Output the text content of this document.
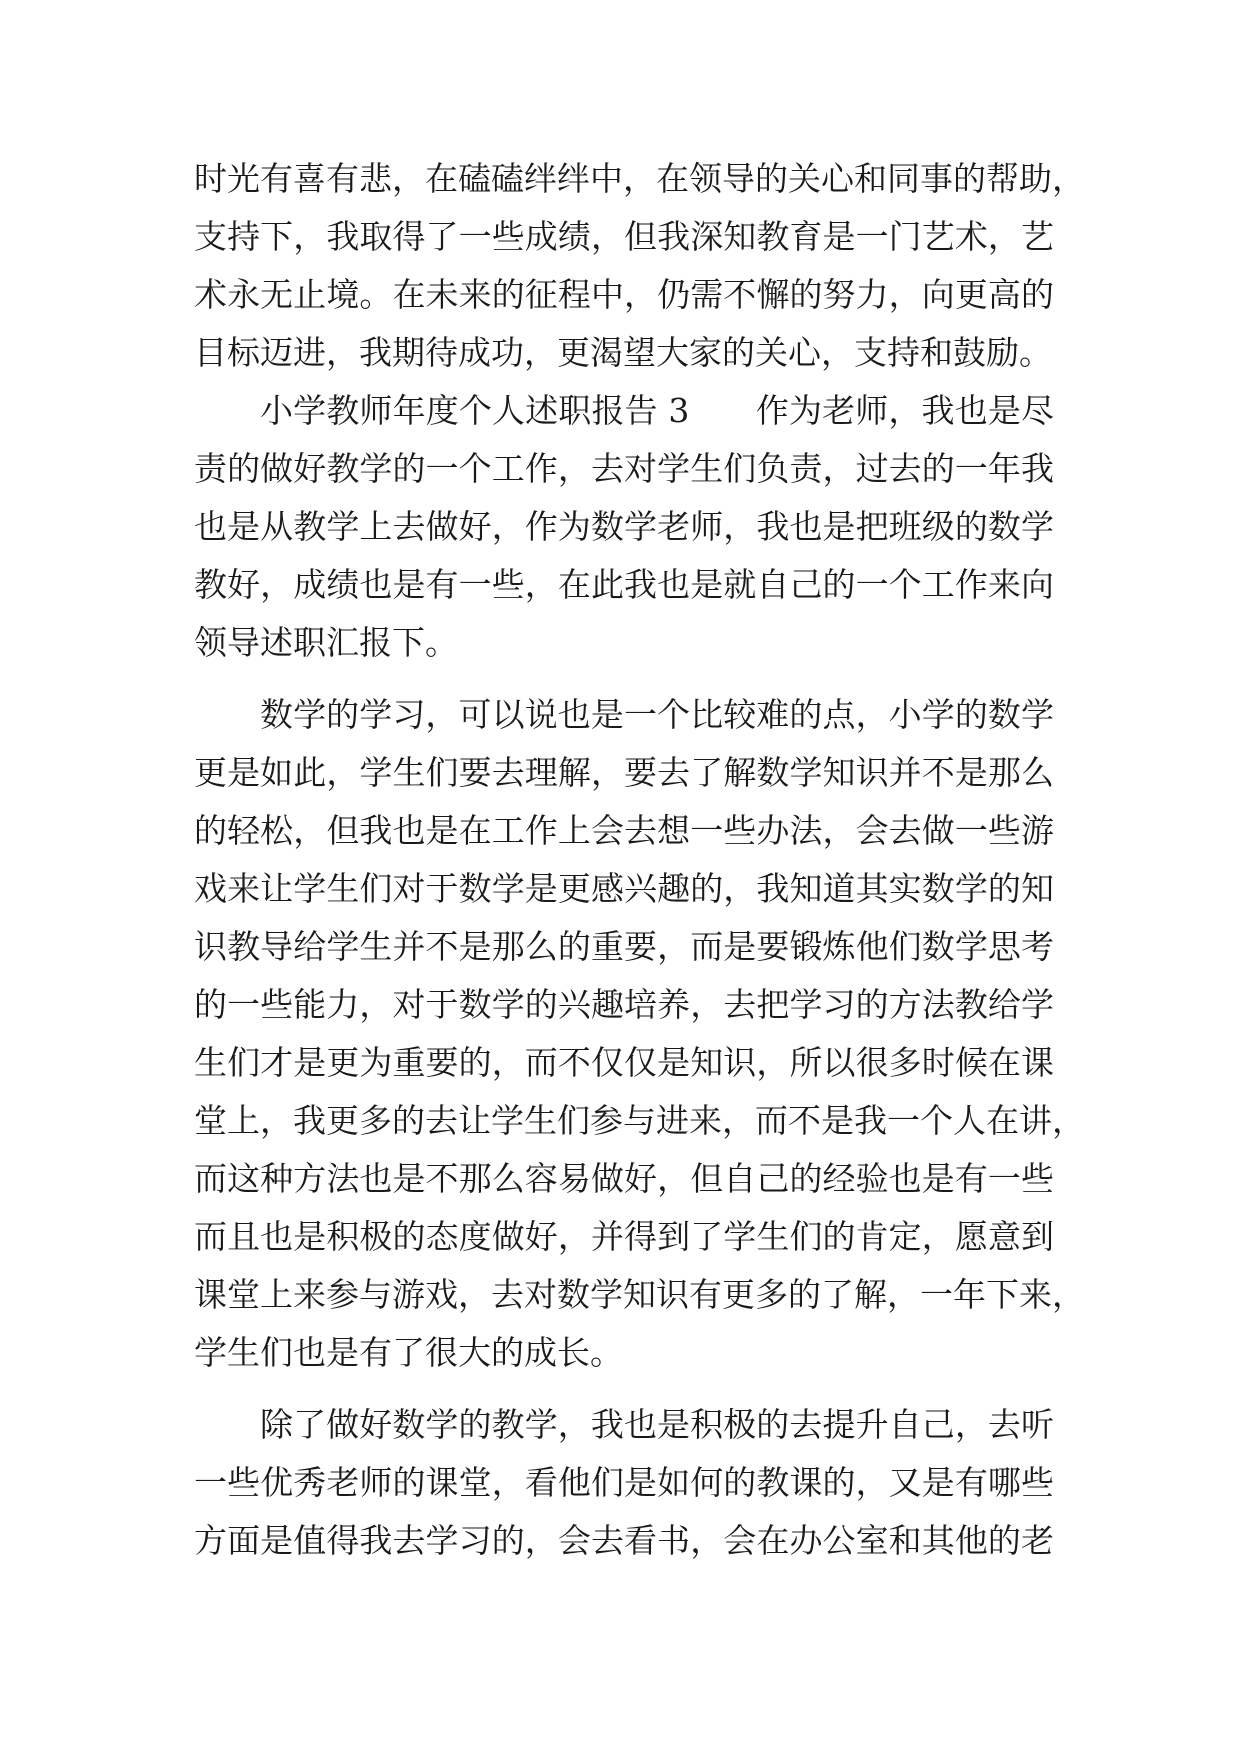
时光有喜有悲，在磕磕绊绊中，在领导的关心和同事的帮助，
支持下，我取得了一些成绩，但我深知教育是一门艺术，艺
术永无止境。在未来的征程中，仍需不懈的努力，向更高的
目标迈进，我期待成功，更渴望大家的关心，支持和鼓励。
小学教师年度个人述职报告 3　　作为老师，我也是尽
责的做好教学的一个工作，去对学生们负责，过去的一年我
也是从教学上去做好，作为数学老师，我也是把班级的数学
教好，成绩也是有一些，在此我也是就自己的一个工作来向
领导述职汇报下。
数学的学习，可以说也是一个比较难的点，小学的数学
更是如此，学生们要去理解，要去了解数学知识并不是那么
的轻松，但我也是在工作上会去想一些办法，会去做一些游
戏来让学生们对于数学是更感兴趣的，我知道其实数学的知
识教导给学生并不是那么的重要，而是要锻炼他们数学思考
的一些能力，对于数学的兴趣培养，去把学习的方法教给学
生们才是更为重要的，而不仅仅是知识，所以很多时候在课
堂上，我更多的去让学生们参与进来，而不是我一个人在讲，
而这种方法也是不那么容易做好，但自己的经验也是有一些
而且也是积极的态度做好，并得到了学生们的肯定，愿意到
课堂上来参与游戏，去对数学知识有更多的了解，一年下来，
学生们也是有了很大的成长。
除了做好数学的教学，我也是积极的去提升自己，去听
一些优秀老师的课堂，看他们是如何的教课的，又是有哪些
方面是值得我去学习的，会去看书，会在办公室和其他的老
